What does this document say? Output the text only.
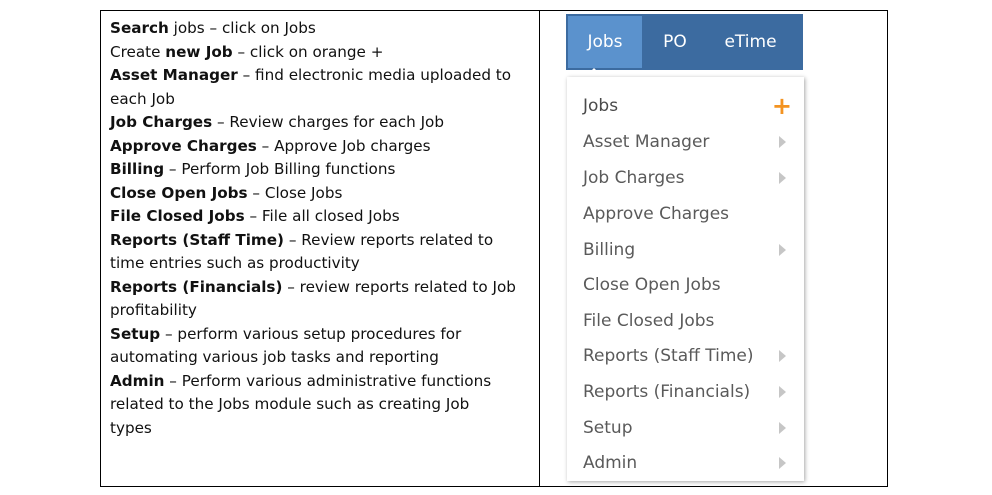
Search jobs – click on Jobs

Create new Job – click on orange +

Asset Manager – find electronic media uploaded to

each Job

Job Charges – Review charges for each Job

Approve Charges – Approve Job charges

Billing – Perform Job Billing functions

Close Open Jobs – Close Jobs

File Closed Jobs – File all closed Jobs

Reports (Staff Time) – Review reports related to

time entries such as productivity

Reports (Financials) – review reports related to Job

profitability

Setup – perform various setup procedures for

automating various job tasks and reporting

Admin – Perform various administrative functions

related to the Jobs module such as creating Job

types

Jobs PO eTime
Jobs	+
Asset Manager
Job Charges
Approve Charges
Billing
Close Open Jobs
File Closed Jobs
Reports (Staff Time)
Reports (Financials)
Setup
Admin
